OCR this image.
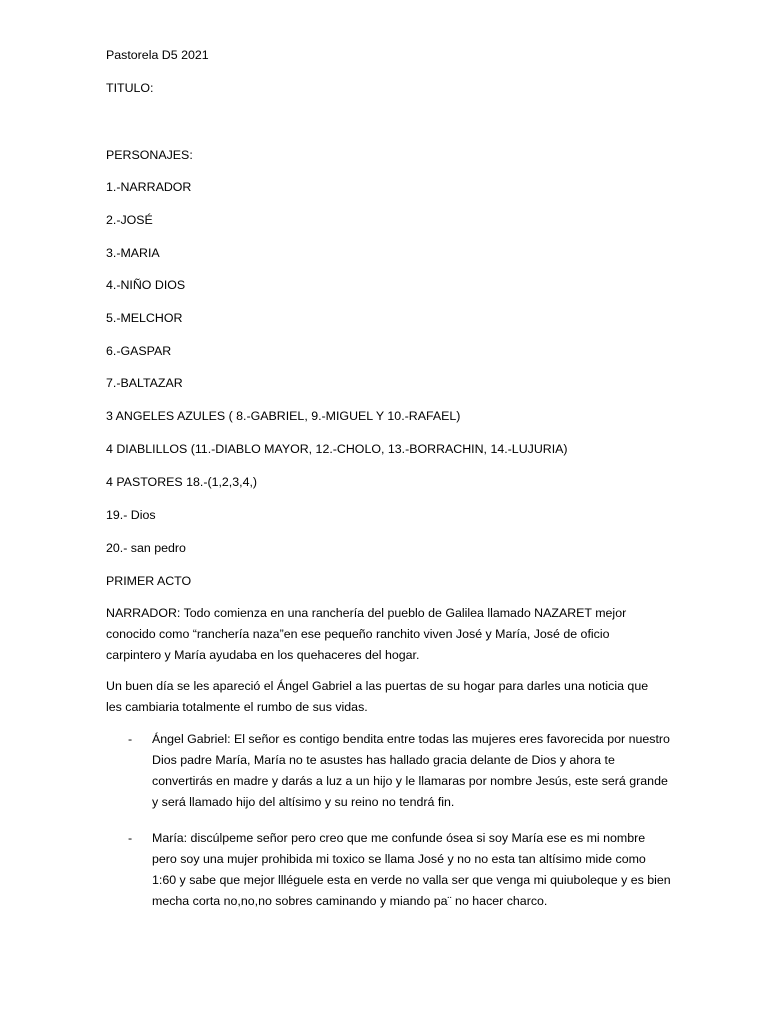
Pastorela D5 2021
TITULO:
PERSONAJES:
1.-NARRADOR
2.-JOSÉ
3.-MARIA
4.-NIÑO DIOS
5.-MELCHOR
6.-GASPAR
7.-BALTAZAR
3 ANGELES AZULES ( 8.-GABRIEL, 9.-MIGUEL Y 10.-RAFAEL)
4 DIABLILLOS (11.-DIABLO MAYOR, 12.-CHOLO, 13.-BORRACHIN, 14.-LUJURIA)
4 PASTORES 18.-(1,2,3,4,)
19.- Dios
20.- san pedro
PRIMER ACTO

NARRADOR: Todo comienza en una ranchería del pueblo de Galilea llamado NAZARET mejor conocido como “ranchería naza”en ese pequeño ranchito viven José y María, José de oficio carpintero y María ayudaba en los quehaceres del hogar.

Un buen día se les apareció el Ángel Gabriel a las puertas de su hogar para darles una noticia que les cambiaria totalmente el rumbo de sus vidas.

-	Ángel Gabriel: El señor es contigo bendita entre todas las mujeres eres favorecida por nuestro Dios padre María, María no te asustes has hallado gracia delante de Dios y ahora te convertirás en madre y darás a luz a un hijo y le llamaras por nombre Jesús, este será grande y será llamado hijo del altísimo y su reino no tendrá fin.
-	María: discúlpeme señor pero creo que me confunde ósea si soy María ese es mi nombre pero soy una mujer prohibida mi toxico se llama José y no no esta tan altísimo mide como 1:60 y sabe que mejor llléguele esta en verde no valla ser que venga mi quiuboleque y es bien mecha corta no,no,no sobres caminando y miando pa¨ no hacer charco.
